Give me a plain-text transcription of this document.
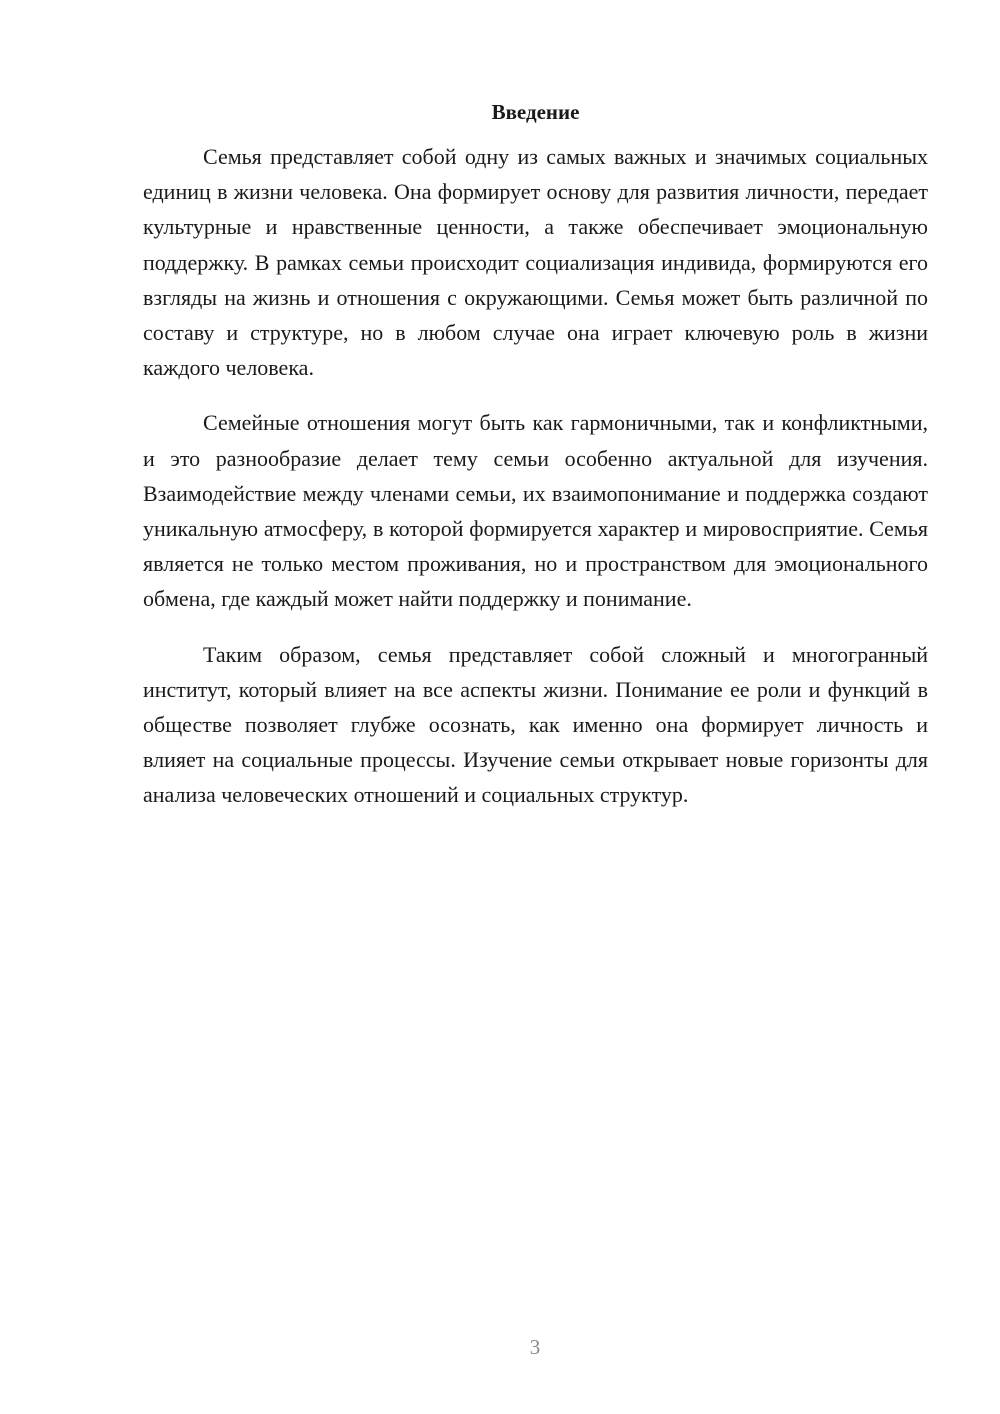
Введение

Семья представляет собой одну из самых важных и значимых социальных единиц в жизни человека. Она формирует основу для развития личности, передает культурные и нравственные ценности, а также обеспечивает эмоциональную поддержку. В рамках семьи происходит социализация индивида, формируются его взгляды на жизнь и отношения с окружающими. Семья может быть различной по составу и структуре, но в любом случае она играет ключевую роль в жизни каждого человека.

Семейные отношения могут быть как гармоничными, так и конфликтными, и это разнообразие делает тему семьи особенно актуальной для изучения. Взаимодействие между членами семьи, их взаимопонимание и поддержка создают уникальную атмосферу, в которой формируется характер и мировосприятие. Семья является не только местом проживания, но и пространством для эмоционального обмена, где каждый может найти поддержку и понимание.

Таким образом, семья представляет собой сложный и многогранный институт, который влияет на все аспекты жизни. Понимание ее роли и функций в обществе позволяет глубже осознать, как именно она формирует личность и влияет на социальные процессы. Изучение семьи открывает новые горизонты для анализа человеческих отношений и социальных структур.

3
